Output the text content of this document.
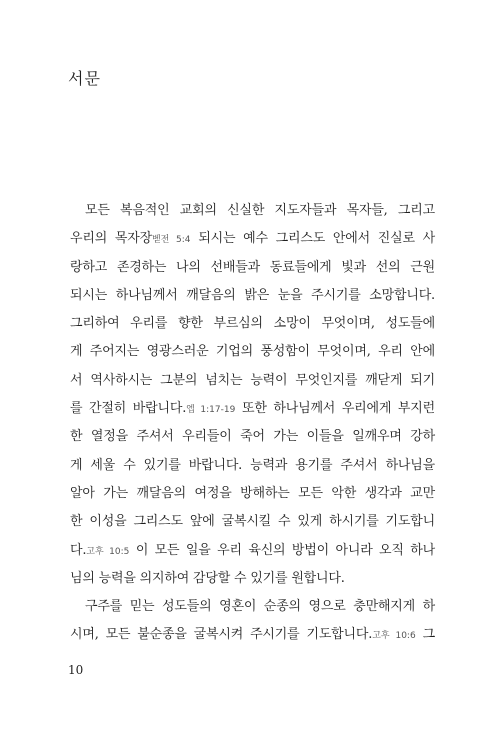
서문
모든 복음적인 교회의 신실한 지도자들과 목자들, 그리고
우리의 목자장벧전 5:4 되시는 예수 그리스도 안에서 진실로 사
랑하고 존경하는 나의 선배들과 동료들에게 빛과 선의 근원
되시는 하나님께서 깨달음의 밝은 눈을 주시기를 소망합니다.
그리하여 우리를 향한 부르심의 소망이 무엇이며, 성도들에
게 주어지는 영광스러운 기업의 풍성함이 무엇이며, 우리 안에
서 역사하시는 그분의 넘치는 능력이 무엇인지를 깨닫게 되기
를 간절히 바랍니다.엡 1:17-19 또한 하나님께서 우리에게 부지런
한 열정을 주셔서 우리들이 죽어 가는 이들을 일깨우며 강하
게 세울 수 있기를 바랍니다. 능력과 용기를 주셔서 하나님을
알아 가는 깨달음의 여정을 방해하는 모든 악한 생각과 교만
한 이성을 그리스도 앞에 굴복시킬 수 있게 하시기를 기도합니
다.고후 10:5 이 모든 일을 우리 육신의 방법이 아니라 오직 하나
님의 능력을 의지하여 감당할 수 있기를 원합니다.
구주를 믿는 성도들의 영혼이 순종의 영으로 충만해지게 하
시며, 모든 불순종을 굴복시켜 주시기를 기도합니다.고후 10:6 그
10
